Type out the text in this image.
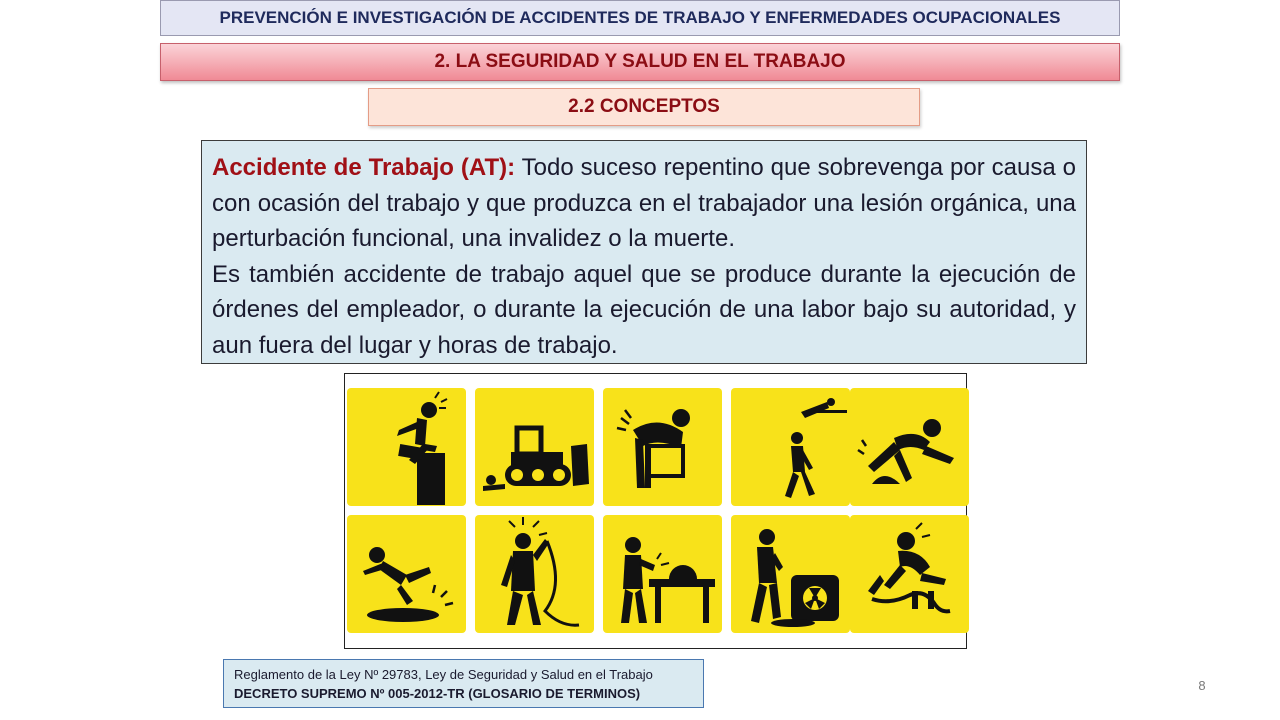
PREVENCIÓN E INVESTIGACIÓN DE ACCIDENTES DE TRABAJO Y ENFERMEDADES OCUPACIONALES
2. LA SEGURIDAD Y SALUD EN EL TRABAJO
2.2 CONCEPTOS

Accidente de Trabajo (AT): Todo suceso repentino que sobrevenga por causa o con ocasión del trabajo y que produzca en el trabajador una lesión orgánica, una perturbación funcional, una invalidez o la muerte.

Es también accidente de trabajo aquel que se produce durante la ejecución de órdenes del empleador, o durante la ejecución de una labor bajo su autoridad, y aun fuera del lugar y horas de trabajo.

Reglamento de la Ley Nº 29783, Ley de Seguridad y Salud en el Trabajo
DECRETO SUPREMO Nº 005-2012-TR (GLOSARIO DE TERMINOS)
8
